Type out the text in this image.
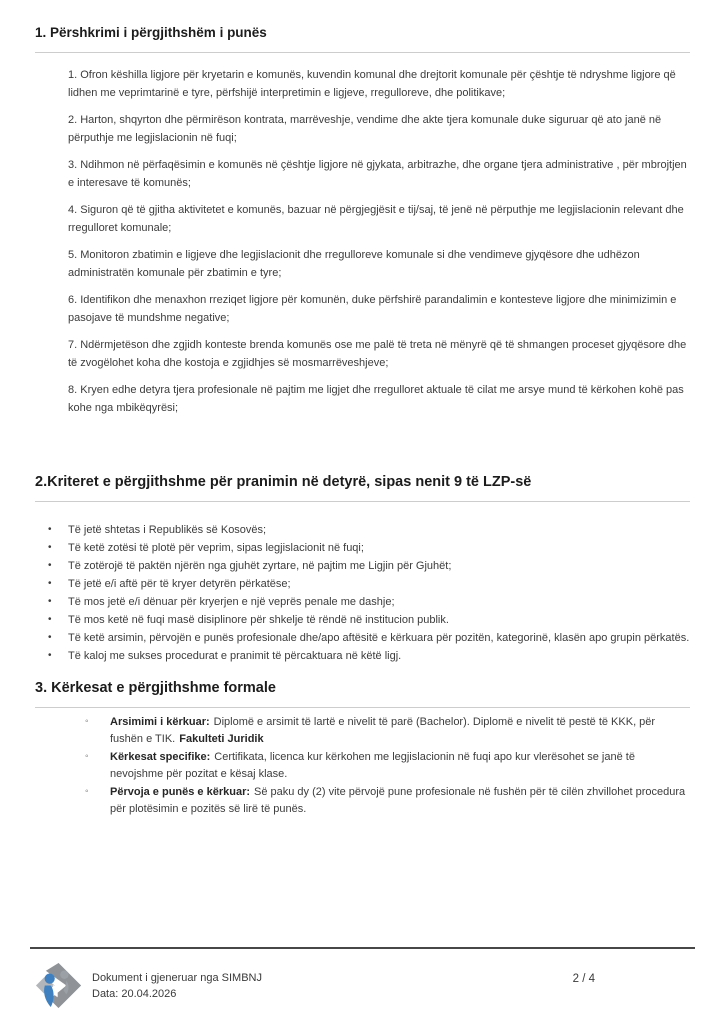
1. Përshkrimi i përgjithshëm i punës

1. Ofron këshilla ligjore për kryetarin e komunës, kuvendin komunal dhe drejtorit komunale për çështje të ndryshme ligjore që lidhen me veprimtarinë e tyre, përfshijë interpretimin e ligjeve, rregulloreve, dhe politikave;

2. Harton, shqyrton dhe përmirëson kontrata, marrëveshje, vendime dhe akte tjera komunale duke siguruar që ato janë në përputhje me legjislacionin në fuqi;

3. Ndihmon në përfaqësimin e komunës në çështje ligjore në gjykata, arbitrazhe, dhe organe tjera administrative , për mbrojtjen e interesave të komunës;

4. Siguron që të gjitha aktivitetet e komunës, bazuar në përgjegjësit e tij/saj, të jenë në përputhje me legjislacionin relevant dhe rregulloret komunale;

5. Monitoron zbatimin e ligjeve dhe legjislacionit dhe rregulloreve komunale si dhe vendimeve gjyqësore dhe udhëzon administratën komunale për zbatimin e tyre;

6. Identifikon dhe menaxhon rreziqet ligjore për komunën, duke përfshirë parandalimin e kontesteve ligjore dhe minimizimin e pasojave të mundshme negative;

7. Ndërmjetëson dhe zgjidh konteste brenda komunës ose me palë të treta në mënyrë që të shmangen proceset gjyqësore dhe të zvogëlohet koha dhe kostoja e zgjidhjes së mosmarrëveshjeve;

8. Kryen edhe detyra tjera profesionale në pajtim me ligjet dhe rregulloret aktuale të cilat me arsye mund të kërkohen kohë pas kohe nga mbikëqyrësi;

2.Kriteret e përgjithshme për pranimin në detyrë, sipas nenit 9 të LZP-së
•	Të jetë shtetas i Republikës së Kosovës;
•	Të ketë zotësi të plotë për veprim, sipas legjislacionit në fuqi;
•	Të zotërojë të paktën njërën nga gjuhët zyrtare, në pajtim me Ligjin për Gjuhët;
•	Të jetë e/i aftë për të kryer detyrën përkatëse;
•	Të mos jetë e/i dënuar për kryerjen e një veprës penale me dashje;
•	Të mos ketë në fuqi masë disiplinore për shkelje të rëndë në institucion publik.
•	Të ketë arsimin, përvojën e punës profesionale dhe/apo aftësitë e kërkuara për pozitën, kategorinë, klasën apo grupin përkatës.
•	Të kaloj me sukses procedurat e pranimit të përcaktuara në këtë ligj.
3. Kërkesat e përgjithshme formale
◦	Arsimimi i kërkuar: Diplomë e arsimit të lartë e nivelit të parë (Bachelor). Diplomë e nivelit të pestë të KKK, për fushën e TIK. Fakulteti Juridik
◦	Kërkesat specifike: Certifikata, licenca kur kërkohen me legjislacionin në fuqi apo kur vlerësohet se janë të nevojshme për pozitat e kësaj klase.
◦	Përvoja e punës e kërkuar: Së paku dy (2) vite përvojë pune profesionale në fushën për të cilën zhvillohet procedura për plotësimin e pozitës së lirë të punës.
Dokument i gjeneruar nga SIMBNJ
Data: 20.04.2026
2 / 4
